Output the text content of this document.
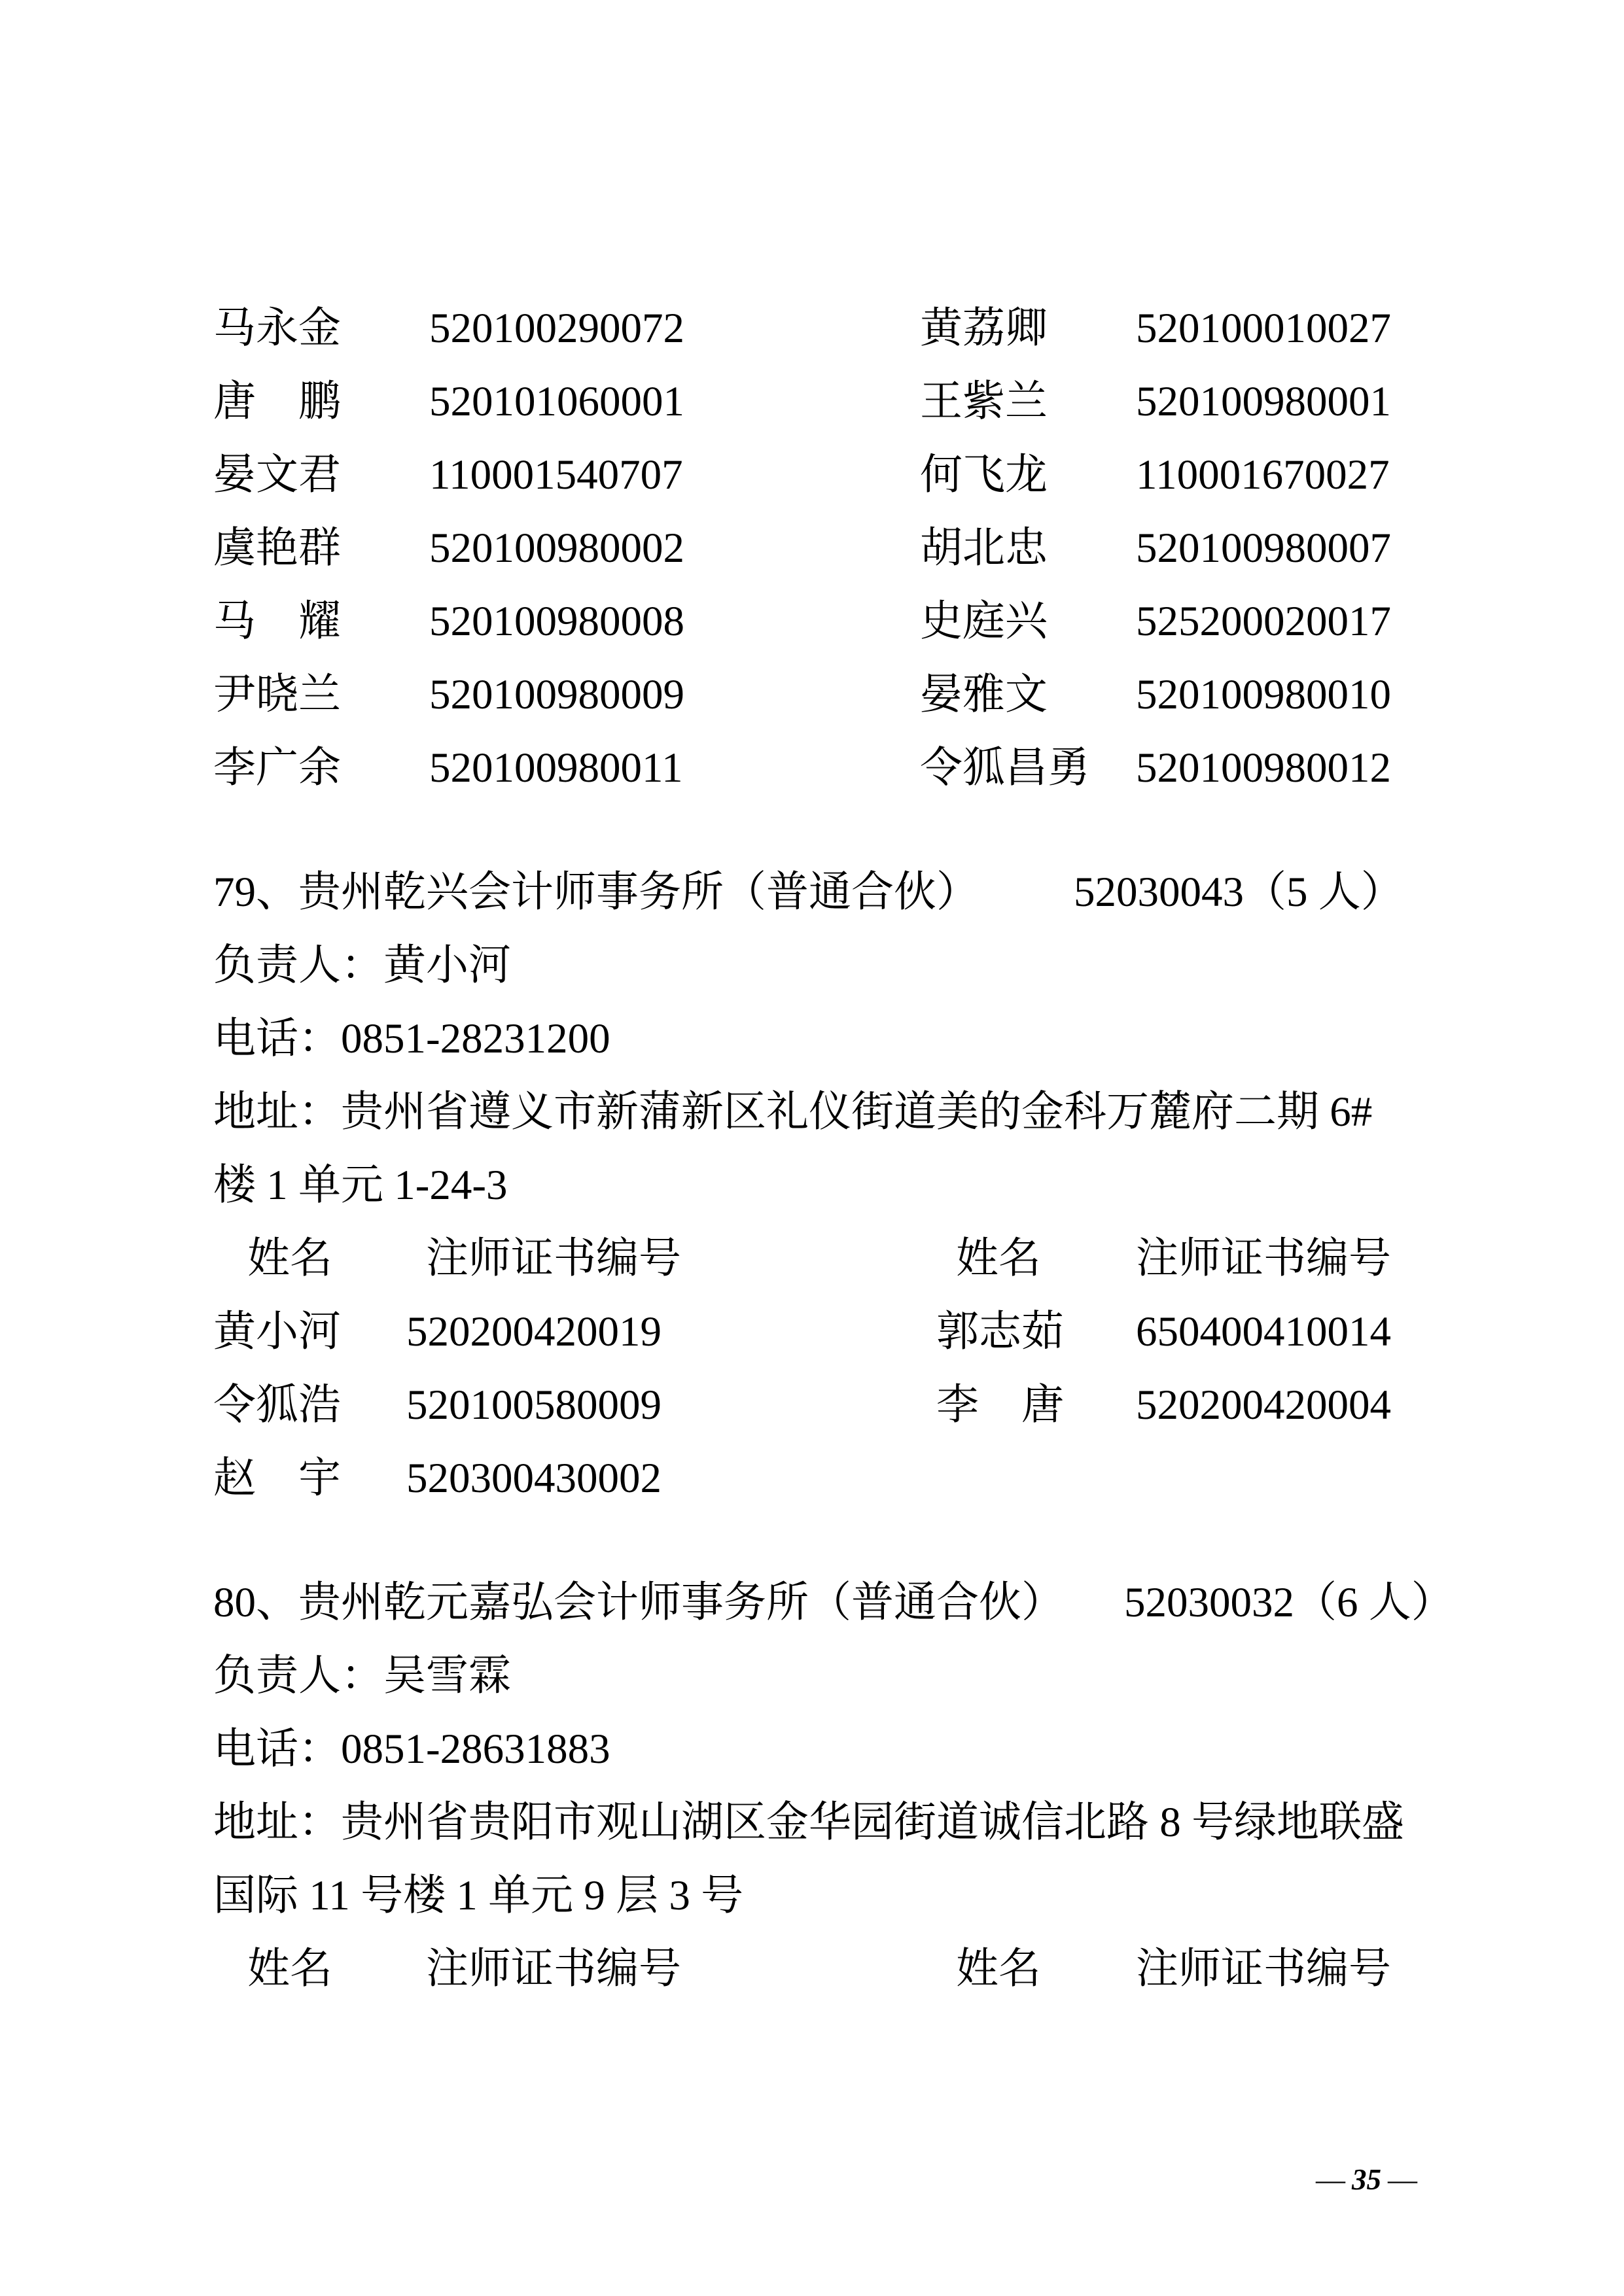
马永金	520100290072	黄荔卿	520100010027
唐　鹏	520101060001	王紫兰	520100980001
晏文君	110001540707	何飞龙	110001670027
虞艳群	520100980002	胡北忠	520100980007
马　耀	520100980008	史庭兴	525200020017
尹晓兰	520100980009	晏雅文	520100980010
李广余	520100980011	令狐昌勇	520100980012
79、贵州乾兴会计师事务所（普通合伙） 52030043（5 人）
负责人：黄小河
电话：0851-28231200
地址：贵州省遵义市新蒲新区礼仪街道美的金科万麓府二期 6#
楼 1 单元 1-24-3
姓名	注师证书编号	姓名	注师证书编号
黄小河	520200420019	郭志茹	650400410014
令狐浩	520100580009	李　唐	520200420004
赵　宇	520300430002
80、贵州乾元嘉弘会计师事务所（普通合伙） 52030032（6 人）
负责人：吴雪霖
电话：0851-28631883
地址：贵州省贵阳市观山湖区金华园街道诚信北路 8 号绿地联盛
国际 11 号楼 1 单元 9 层 3 号
姓名	注师证书编号	姓名	注师证书编号

— 35 —
